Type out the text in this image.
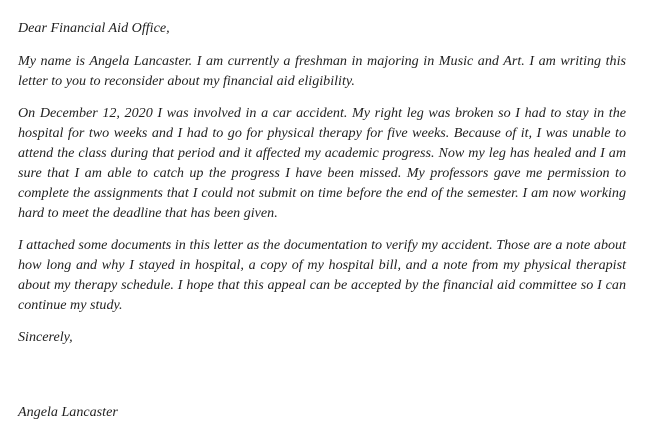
Dear Financial Aid Office,

My name is Angela Lancaster. I am currently a freshman in majoring in Music and Art. I am writing this letter to you to reconsider about my financial aid eligibility.

On December 12, 2020 I was involved in a car accident. My right leg was broken so I had to stay in the hospital for two weeks and I had to go for physical therapy for five weeks. Because of it, I was unable to attend the class during that period and it affected my academic progress. Now my leg has healed and I am sure that I am able to catch up the progress I have been missed. My professors gave me permission to complete the assignments that I could not submit on time before the end of the semester. I am now working hard to meet the deadline that has been given.

I attached some documents in this letter as the documentation to verify my accident. Those are a note about how long and why I stayed in hospital, a copy of my hospital bill, and a note from my physical therapist about my therapy schedule. I hope that this appeal can be accepted by the financial aid committee so I can continue my study.

Sincerely,

Angela Lancaster
